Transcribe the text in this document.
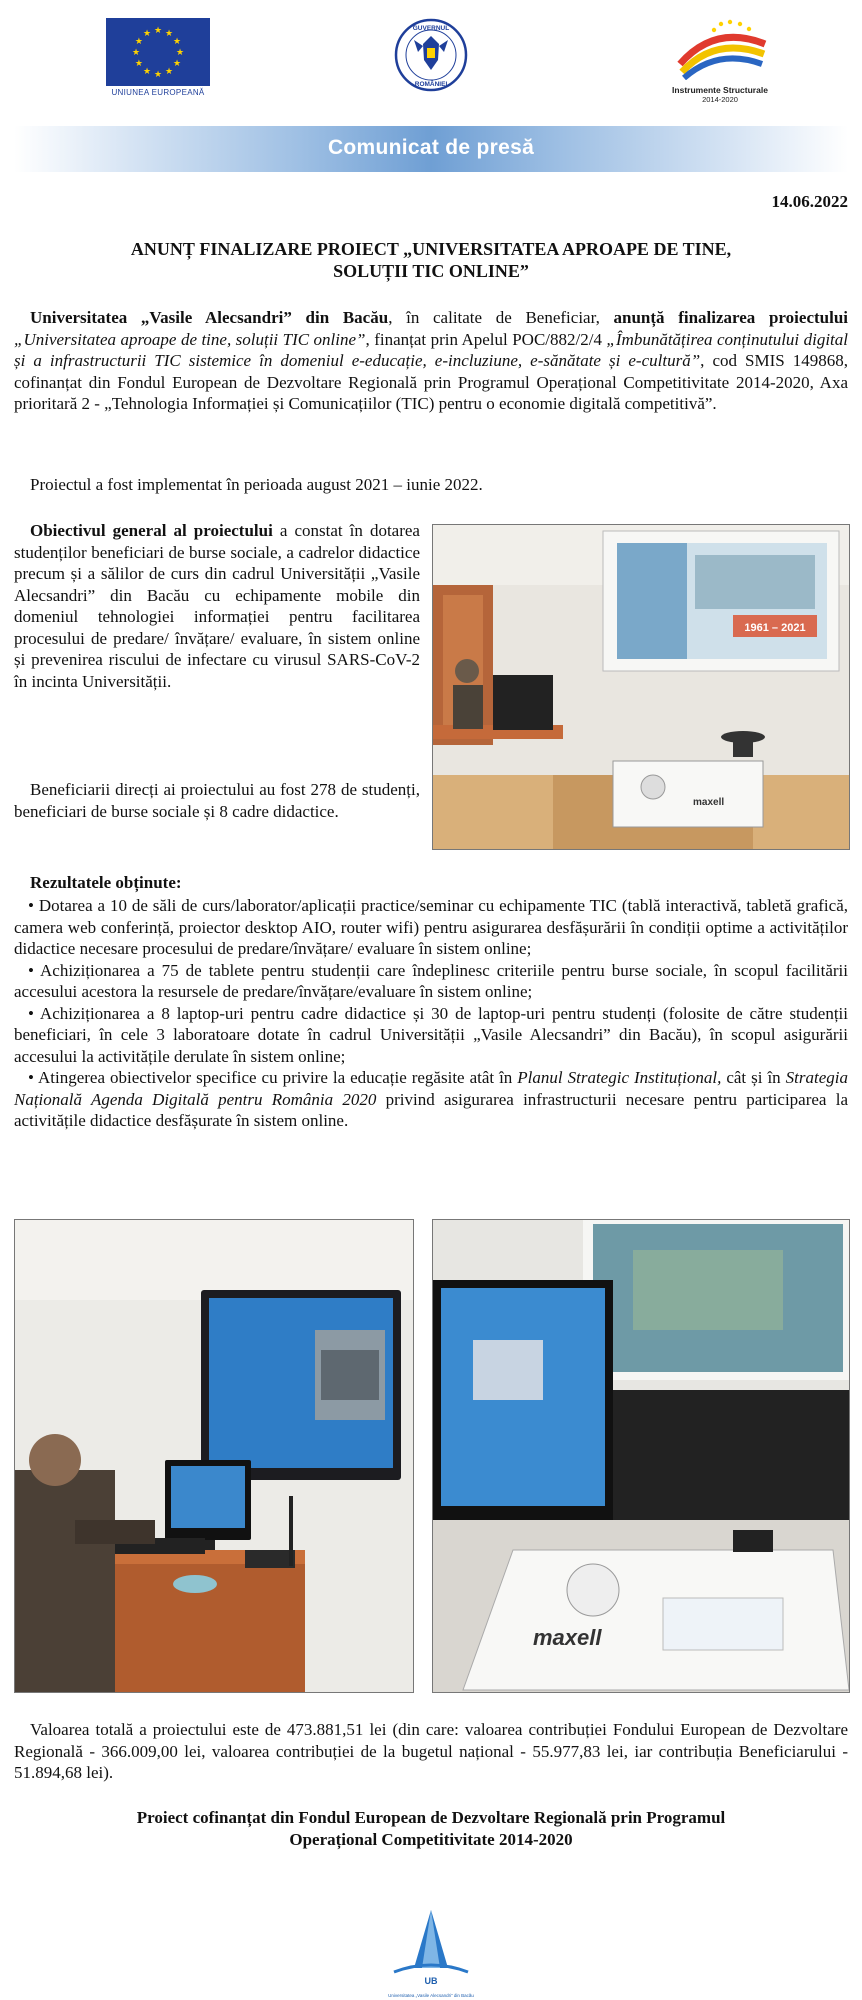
★ ★
★
★
★
★
★
★
★
★
★
★
UNIUNEA EUROPEANĂ
GUVERNUL
ROMÂNIEI
Instrumente Structurale
2014-2020
Comunicat de presă
14.06.2022
ANUNȚ FINALIZARE PROIECT „UNIVERSITATEA APROAPE DE TINE,
SOLUȚII TIC ONLINE”
Universitatea „Vasile Alecsandri” din Bacău, în calitate de Beneficiar, anunță finalizarea proiectului „Universitatea aproape de tine, soluții TIC online”, finanțat prin Apelul POC/882/2/4 „Îmbunătățirea conținutului digital și a infrastructurii TIC sistemice în domeniul e-educație, e-incluziune, e-sănătate și e-cultură”, cod SMIS 149868, cofinanțat din Fondul European de Dezvoltare Regională prin Programul Operațional Competitivitate 2014-2020, Axa prioritară 2 - „Tehnologia Informației și Comunicațiilor (TIC) pentru o economie digitală competitivă”.
Proiectul a fost implementat în perioada august 2021 – iunie 2022.
Obiectivul general al proiectului a constat în dotarea studenților beneficiari de burse sociale, a cadrelor didactice precum și a sălilor de curs din cadrul Universității „Vasile Alecsandri” din Bacău cu echipamente mobile din domeniul tehnologiei informației pentru facilitarea procesului de predare/ învățare/ evaluare, în sistem online și prevenirea riscului de infectare cu virusul SARS-CoV-2 în incinta Universității.
Beneficiarii direcți ai proiectului au fost 278 de studenți, beneficiari de burse sociale și 8 cadre didactice.
1961 – 2021
maxell
Rezultatele obținute:
• Dotarea a 10 de săli de curs/laborator/aplicații practice/seminar cu echipamente TIC (tablă interactivă, tabletă grafică, camera web conferință, proiector desktop AIO, router wifi) pentru asigurarea desfășurării în condiții optime a activităților didactice necesare procesului de predare/învățare/ evaluare în sistem online;
• Achiziționarea a 75 de tablete pentru studenții care îndeplinesc criteriile pentru burse sociale, în scopul facilitării accesului acestora la resursele de predare/învățare/evaluare în sistem online;
• Achiziționarea a 8 laptop-uri pentru cadre didactice și 30 de laptop-uri pentru studenți (folosite de către studenții beneficiari, în cele 3 laboratoare dotate în cadrul Universității „Vasile Alecsandri” din Bacău), în scopul asigurării accesului la activitățile derulate în sistem online;
• Atingerea obiectivelor specifice cu privire la educație regăsite atât în Planul Strategic Instituțional, cât și în Strategia Națională Agenda Digitală pentru România 2020 privind asigurarea infrastructurii necesare pentru participarea la activitățile didactice desfășurate în sistem online.
maxell
Valoarea totală a proiectului este de 473.881,51 lei (din care: valoarea contribuției Fondului European de Dezvoltare Regională - 366.009,00 lei, valoarea contribuției de la bugetul național - 55.977,83 lei, iar contribuția Beneficiarului - 51.894,68 lei).
Proiect cofinanțat din Fondul European de Dezvoltare Regională prin Programul
Operațional Competitivitate 2014-2020
UB
Universitatea „Vasile Alecsandri” din Bacău
